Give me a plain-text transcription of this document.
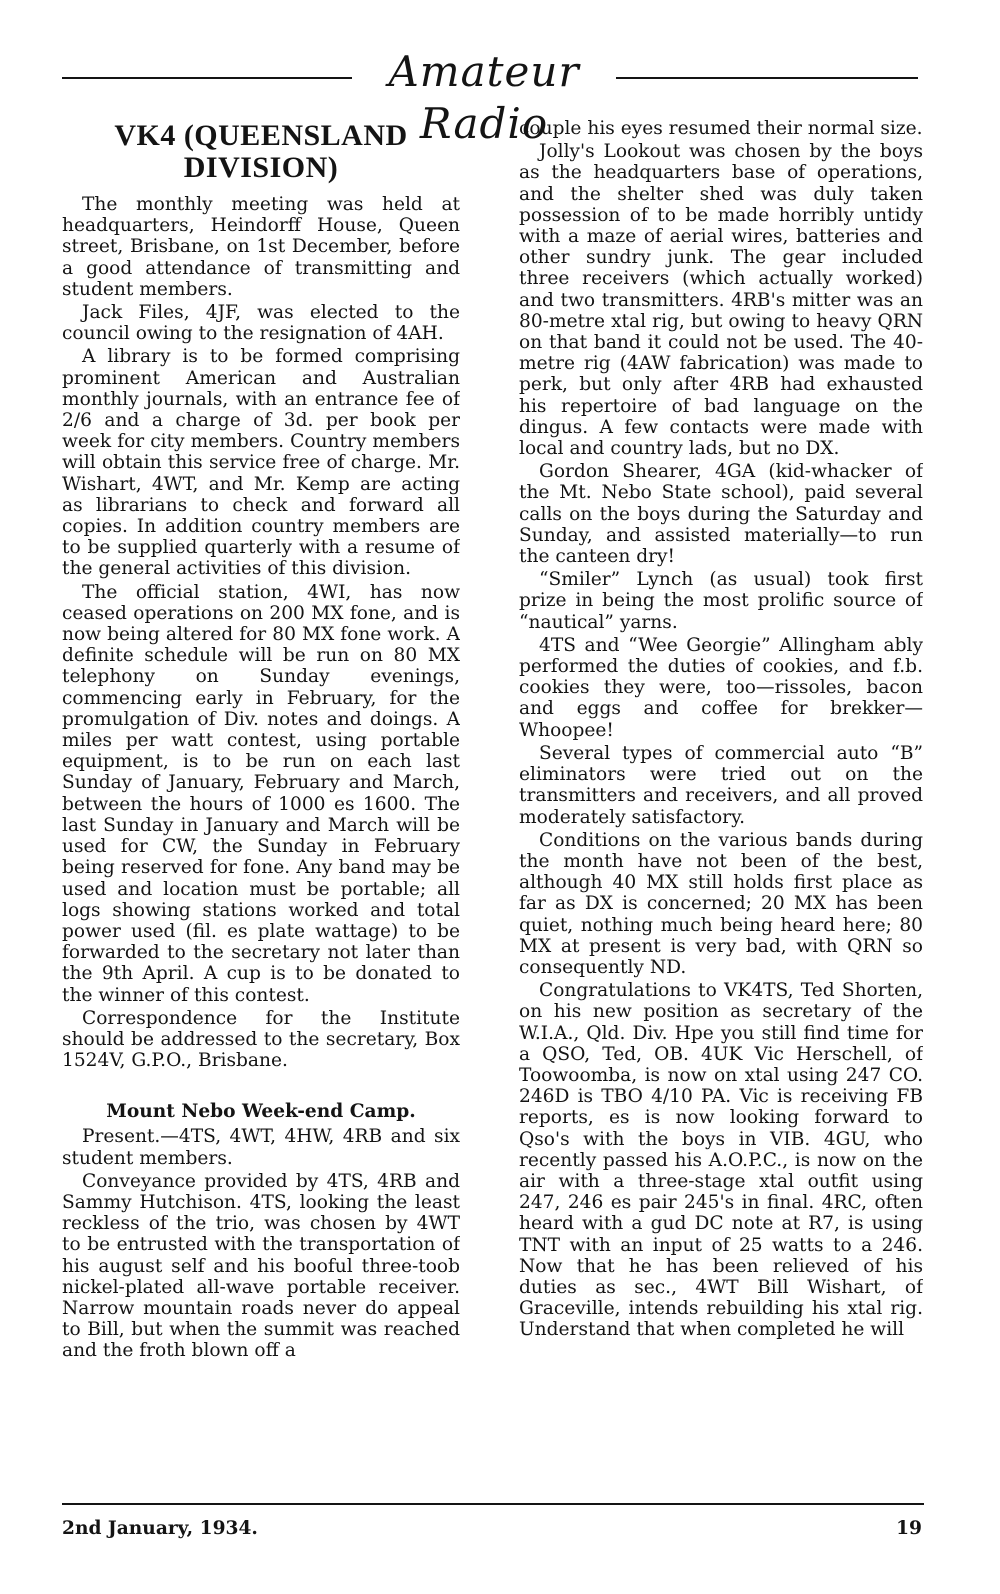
Amateur Radio
VK4 (QUEENSLAND DIVISION)

The monthly meeting was held at headquarters, Heindorff House, Queen street, Brisbane, on 1st December, before a good attendance of transmitting and student members.

Jack Files, 4JF, was elected to the council owing to the resignation of 4AH.

A library is to be formed comprising prominent American and Australian monthly journals, with an entrance fee of 2/6 and a charge of 3d. per book per week for city members. Country members will obtain this service free of charge. Mr. Wishart, 4WT, and Mr. Kemp are acting as librarians to check and forward all copies. In addition country members are to be supplied quarterly with a resume of the general activities of this division.

The official station, 4WI, has now ceased operations on 200 MX fone, and is now being altered for 80 MX fone work. A definite schedule will be run on 80 MX telephony on Sunday evenings, commencing early in February, for the promulgation of Div. notes and doings. A miles per watt contest, using portable equipment, is to be run on each last Sunday of January, February and March, between the hours of 1000 es 1600. The last Sunday in January and March will be used for CW, the Sunday in February being reserved for fone. Any band may be used and location must be portable; all logs showing stations worked and total power used (fil. es plate wattage) to be forwarded to the secretary not later than the 9th April. A cup is to be donated to the winner of this contest.

Correspondence for the Institute should be addressed to the secretary, Box 1524V, G.P.O., Brisbane.

Mount Nebo Week-end Camp.

Present.—4TS, 4WT, 4HW, 4RB and six student members.

Conveyance provided by 4TS, 4RB and Sammy Hutchison. 4TS, looking the least reckless of the trio, was chosen by 4WT to be entrusted with the transportation of his august self and his booful three-toob nickel-plated all-wave portable receiver. Narrow mountain roads never do appeal to Bill, but when the summit was reached and the froth blown off a

couple his eyes resumed their normal size.

Jolly's Lookout was chosen by the boys as the headquarters base of operations, and the shelter shed was duly taken possession of to be made horribly untidy with a maze of aerial wires, batteries and other sundry junk. The gear included three receivers (which actually worked) and two transmitters. 4RB's mitter was an 80-metre xtal rig, but owing to heavy QRN on that band it could not be used. The 40-metre rig (4AW fabrication) was made to perk, but only after 4RB had exhausted his repertoire of bad language on the dingus. A few contacts were made with local and country lads, but no DX.

Gordon Shearer, 4GA (kid-whacker of the Mt. Nebo State school), paid several calls on the boys during the Saturday and Sunday, and assisted materially—to run the canteen dry!

“Smiler” Lynch (as usual) took first prize in being the most prolific source of “nautical” yarns.

4TS and “Wee Georgie” Allingham ably performed the duties of cookies, and f.b. cookies they were, too—rissoles, bacon and eggs and coffee for brekker—Whoopee!

Several types of commercial auto “B” eliminators were tried out on the transmitters and receivers, and all proved moderately satisfactory.

Conditions on the various bands during the month have not been of the best, although 40 MX still holds first place as far as DX is concerned; 20 MX has been quiet, nothing much being heard here; 80 MX at present is very bad, with QRN so consequently ND.

Congratulations to VK4TS, Ted Shorten, on his new position as secretary of the W.I.A., Qld. Div. Hpe you still find time for a QSO, Ted, OB. 4UK Vic Herschell, of Toowoomba, is now on xtal using 247 CO. 246D is TBO 4/10 PA. Vic is receiving FB reports, es is now looking forward to Qso's with the boys in VIB. 4GU, who recently passed his A.O.P.C., is now on the air with a three-stage xtal outfit using 247, 246 es pair 245's in final. 4RC, often heard with a gud DC note at R7, is using TNT with an input of 25 watts to a 246. Now that he has been relieved of his duties as sec., 4WT Bill Wishart, of Graceville, intends rebuilding his xtal rig. Understand that when completed he will

2nd January, 1934.	19
